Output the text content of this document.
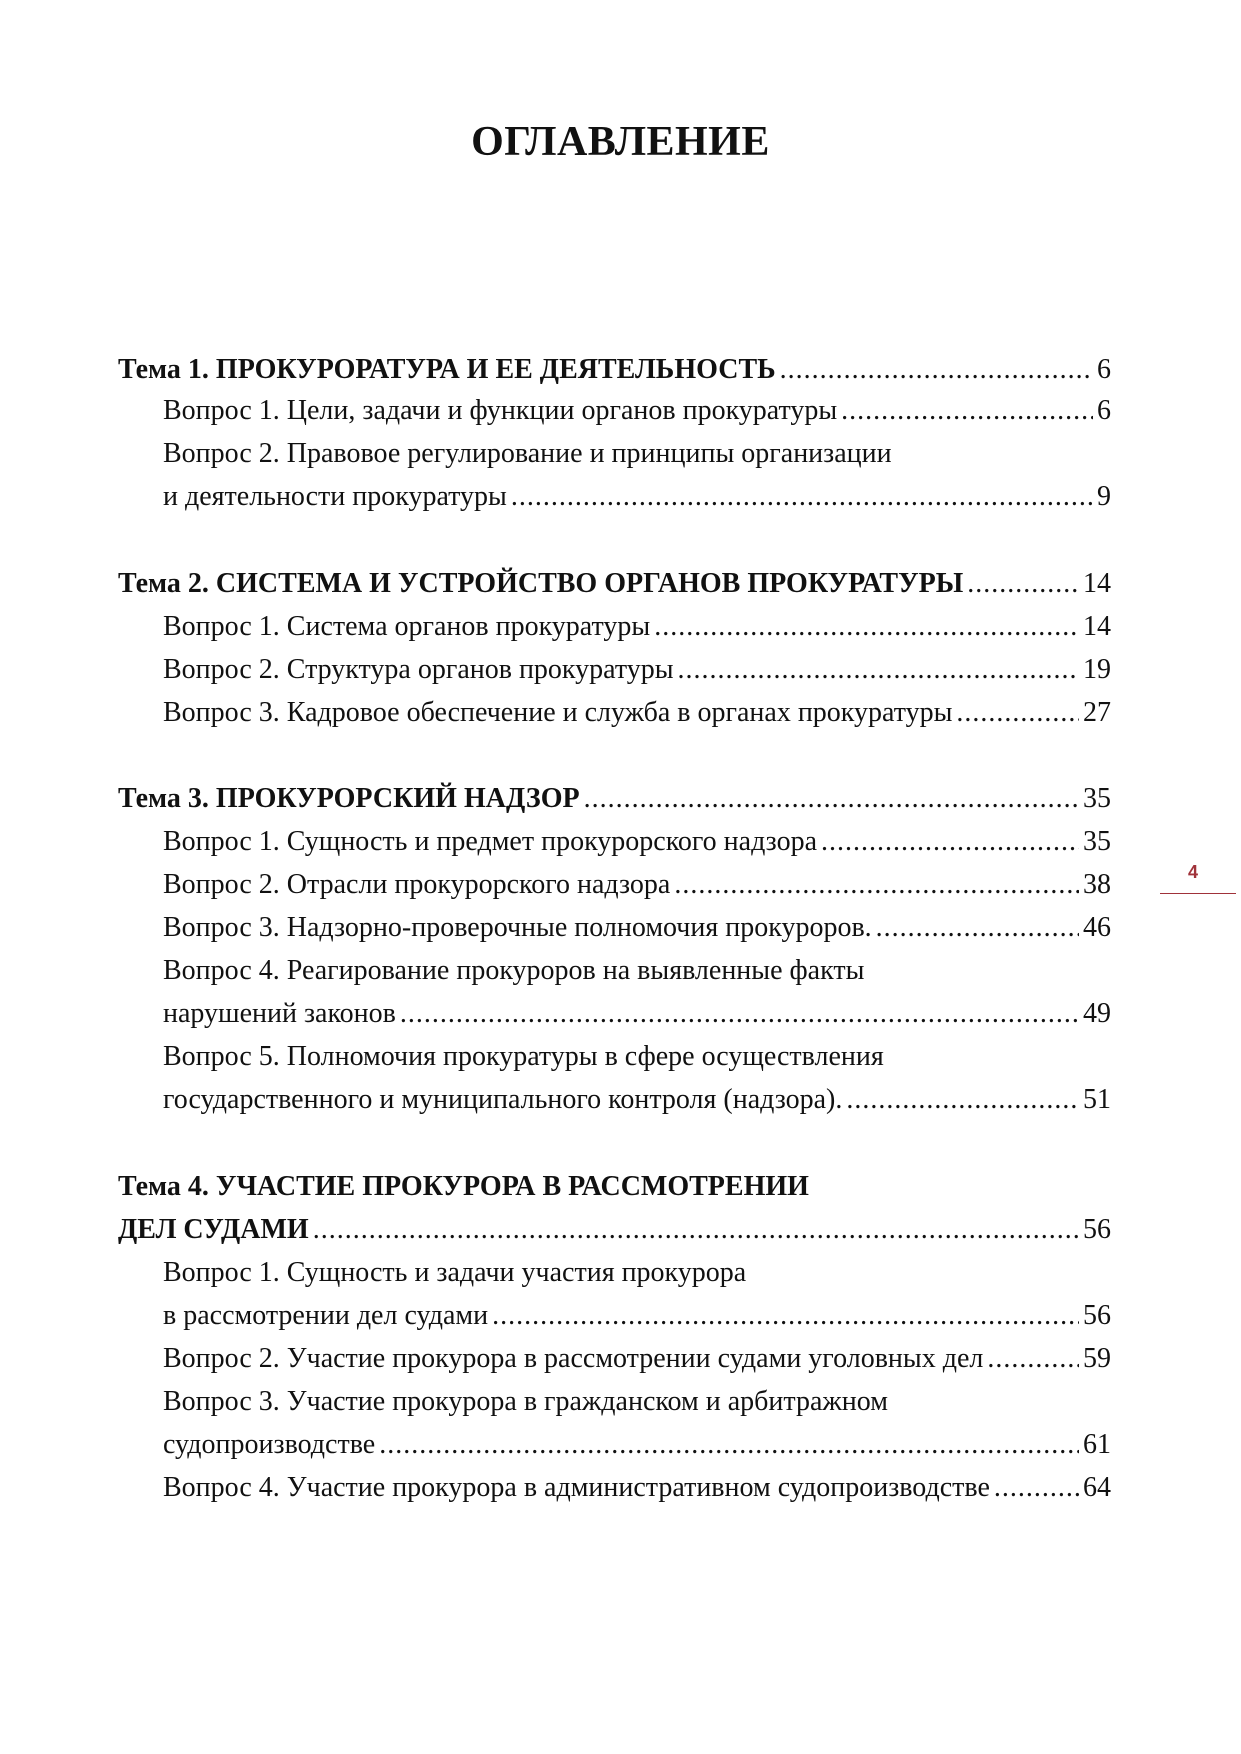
ОГЛАВЛЕНИЕ
Тема 1. ПРОКУРОРАТУРА И ЕЕ ДЕЯТЕЛЬНОСТЬ .....	6
Вопрос 1. Цели, задачи и функции органов прокуратуры .....	6
Вопрос 2. Правовое регулирование и принципы организации
и деятельности прокуратуры .....	9
Тема 2. СИСТЕМА И УСТРОЙСТВО ОРГАНОВ ПРОКУРАТУРЫ .....	14
Вопрос 1. Система органов прокуратуры .....	14
Вопрос 2. Структура органов прокуратуры .....	19
Вопрос 3. Кадровое обеспечение и служба в органах прокуратуры .....	27
Тема 3. ПРОКУРОРСКИЙ НАДЗОР .....	35
Вопрос 1. Сущность и предмет прокурорского надзора .....	35
Вопрос 2. Отрасли прокурорского надзора .....	38
Вопрос 3. Надзорно-проверочные полномочия прокуроров. .....	46
Вопрос 4. Реагирование прокуроров на выявленные факты
нарушений законов .....	49
Вопрос 5. Полномочия прокуратуры в сфере осуществления
государственного и муниципального контроля (надзора). .....	51
Тема 4. УЧАСТИЕ ПРОКУРОРА В РАССМОТРЕНИИ
ДЕЛ СУДАМИ .....	56
Вопрос 1. Сущность и задачи участия прокурора
в рассмотрении дел судами .....	56
Вопрос 2. Участие прокурора в рассмотрении судами уголовных дел .....	59
Вопрос 3. Участие прокурора в гражданском и арбитражном
судопроизводстве .....	61
Вопрос 4. Участие прокурора в административном судопроизводстве .....	64
4
